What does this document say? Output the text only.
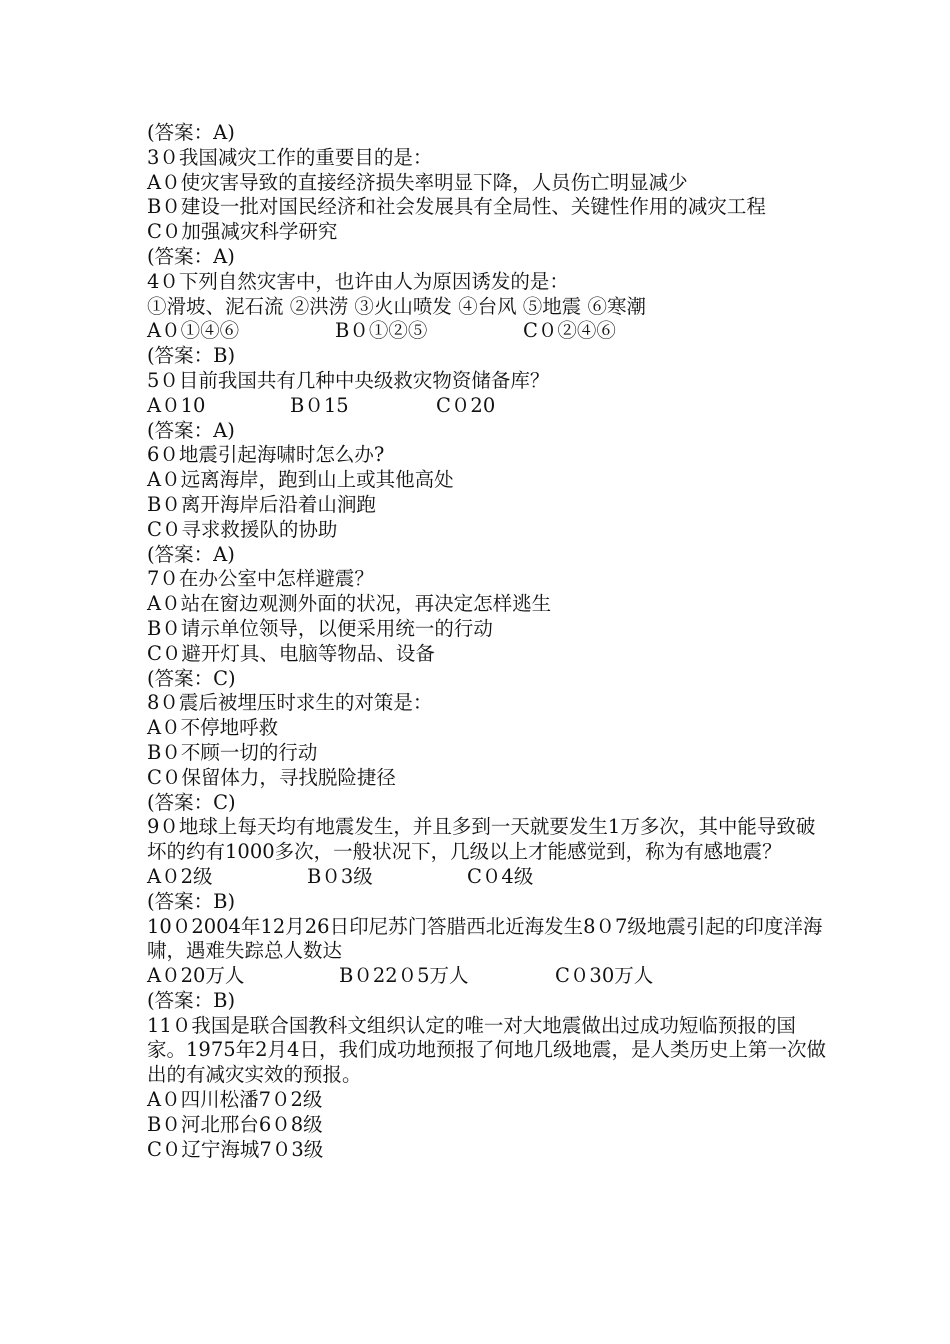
(答案：A)

3０我国减灾工作的重要目的是：

A０使灾害导致的直接经济损失率明显下降，人员伤亡明显减少

B０建设一批对国民经济和社会发展具有全局性、关键性作用的减灾工程

C０加强减灾科学研究

(答案：A)

4０下列自然灾害中，也许由人为原因诱发的是：

①滑坡、泥石流 ②洪涝 ③火山喷发 ④台风 ⑤地震 ⑥寒潮

A０①④⑥	B０①②⑤	C０②④⑥

(答案：B)

5０目前我国共有几种中央级救灾物资储备库？

A０10	B０15	C０20

(答案：A)

6０地震引起海啸时怎么办?

A０远离海岸，跑到山上或其他高处

B０离开海岸后沿着山涧跑

C０寻求救援队的协助

(答案：A)

7０在办公室中怎样避震？

A０站在窗边观测外面的状况，再决定怎样逃生

B０请示单位领导，以便采用统一的行动

C０避开灯具、电脑等物品、设备

(答案：C)

8０震后被埋压时求生的对策是：

A０不停地呼救

B０不顾一切的行动

C０保留体力，寻找脱险捷径

(答案：C)

9０地球上每天均有地震发生，并且多到一天就要发生1万多次，其中能导致破坏的约有1000多次，一般状况下，几级以上才能感觉到，称为有感地震？

A０2级	B０3级	C０4级

(答案：B)

10０2004年12月26日印尼苏门答腊西北近海发生8０7级地震引起的印度洋海啸，遇难失踪总人数达

A０20万人	B０22０5万人	C０30万人

(答案：B)

11０我国是联合国教科文组织认定的唯一对大地震做出过成功短临预报的国家。1975年2月4日，我们成功地预报了何地几级地震，是人类历史上第一次做出的有减灾实效的预报。

A０四川松潘7０2级

B０河北邢台6０8级

C０辽宁海城7０3级
